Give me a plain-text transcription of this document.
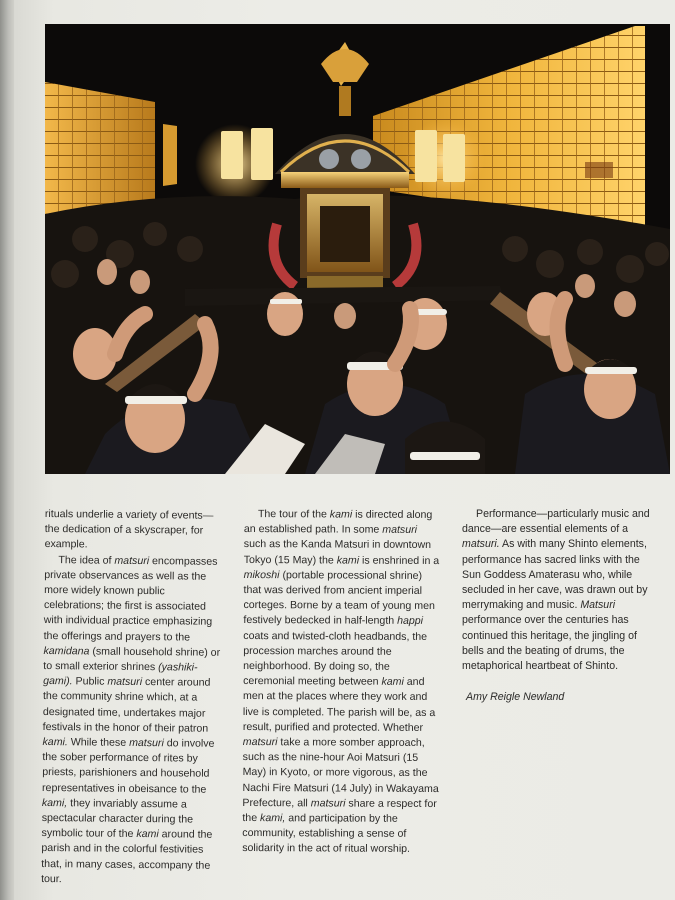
rituals underlie a variety of events—the dedication of a skyscraper, for example.

The idea of matsuri encompasses private observances as well as the more widely known public celebrations; the first is associated with individual practice emphasizing the offerings and prayers to the kamidana (small household shrine) or to small exterior shrines (yashiki-gami). Public matsuri center around the community shrine which, at a designated time, undertakes major festivals in the honor of their patron kami. While these matsuri do involve the sober performance of rites by priests, parishioners and household representatives in obeisance to the kami, they invariably assume a spectacular character during the symbolic tour of the kami around the parish and in the colorful festivities that, in many cases, accompany the tour.

The tour of the kami is directed along an established path. In some matsuri such as the Kanda Matsuri in downtown Tokyo (15 May) the kami is enshrined in a mikoshi (portable processional shrine) that was derived from ancient imperial corteges. Borne by a team of young men festively bedecked in half-length happi coats and twisted-cloth headbands, the procession marches around the neighborhood. By doing so, the ceremonial meeting between kami and men at the places where they work and live is completed. The parish will be, as a result, purified and protected. Whether matsuri take a more somber approach, such as the nine-hour Aoi Matsuri (15 May) in Kyoto, or more vigorous, as the Nachi Fire Matsuri (14 July) in Wakayama Prefecture, all matsuri share a respect for the kami, and participation by the community, establishing a sense of solidarity in the act of ritual worship.

Performance—particularly music and dance—are essential elements of a matsuri. As with many Shinto elements, performance has sacred links with the Sun Goddess Amaterasu who, while secluded in her cave, was drawn out by merrymaking and music. Matsuri performance over the centuries has continued this heritage, the jingling of bells and the beating of drums, the metaphorical heartbeat of Shinto.

Amy Reigle Newland
